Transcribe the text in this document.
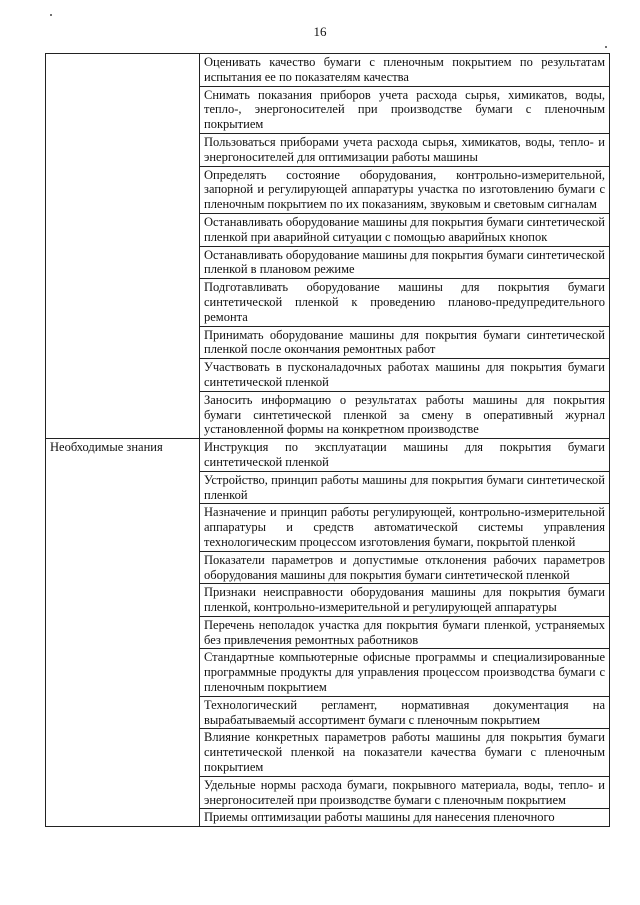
16
	Оценивать качество бумаги с пленочным покрытием по результатам испытания ее по показателям качества
	Снимать показания приборов учета расхода сырья, химикатов, воды, тепло-, энергоносителей при производстве бумаги с пленочным покрытием
	Пользоваться приборами учета расхода сырья, химикатов, воды, тепло- и энергоносителей для оптимизации работы машины
	Определять состояние оборудования, контрольно-измерительной, запорной и регулирующей аппаратуры участка по изготовлению бумаги с пленочным покрытием по их показаниям, звуковым и световым сигналам
	Останавливать оборудование машины для покрытия бумаги синтетической пленкой при аварийной ситуации с помощью аварийных кнопок
	Останавливать оборудование машины для покрытия бумаги синтетической пленкой в плановом режиме
	Подготавливать оборудование машины для покрытия бумаги синтетической пленкой к проведению планово-предупредительного ремонта
	Принимать оборудование машины для покрытия бумаги синтетической пленкой после окончания ремонтных работ
	Участвовать в пусконаладочных работах машины для покрытия бумаги синтетической пленкой
	Заносить информацию о результатах работы машины для покрытия бумаги синтетической пленкой за смену в оперативный журнал установленной формы на конкретном производстве
Необходимые знания	Инструкция по эксплуатации машины для покрытия бумаги синтетической пленкой
	Устройство, принцип работы машины для покрытия бумаги синтетической пленкой
	Назначение и принцип работы регулирующей, контрольно-измерительной аппаратуры и средств автоматической системы управления технологическим процессом изготовления бумаги, покрытой пленкой
	Показатели параметров и допустимые отклонения рабочих параметров оборудования машины для покрытия бумаги синтетической пленкой
	Признаки неисправности оборудования машины для покрытия бумаги пленкой, контрольно-измерительной и регулирующей аппаратуры
	Перечень неполадок участка для покрытия бумаги пленкой, устраняемых без привлечения ремонтных работников
	Стандартные компьютерные офисные программы и специализированные программные продукты для управления процессом производства бумаги с пленочным покрытием
	Технологический регламент, нормативная документация на вырабатываемый ассортимент бумаги с пленочным покрытием
	Влияние конкретных параметров работы машины для покрытия бумаги синтетической пленкой на показатели качества бумаги с пленочным покрытием
	Удельные нормы расхода бумаги, покрывного материала, воды, тепло- и энергоносителей при производстве бумаги с пленочным покрытием
	Приемы оптимизации работы машины для нанесения пленочного
